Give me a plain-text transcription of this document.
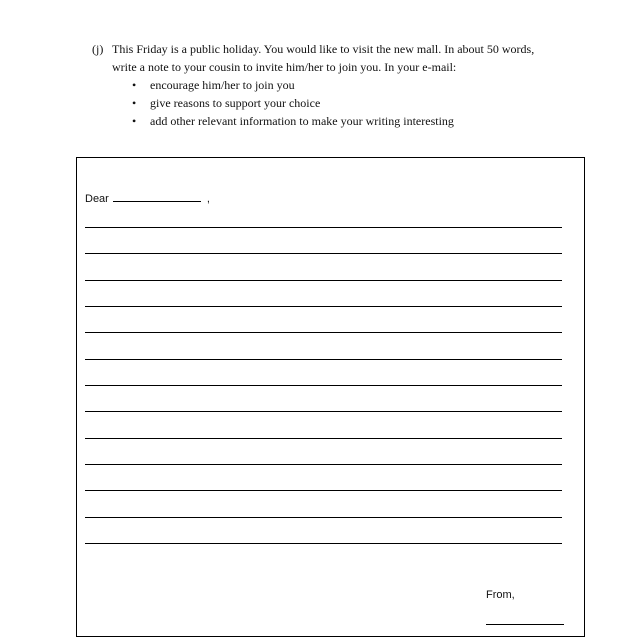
(j) This Friday is a public holiday. You would like to visit the new mall. In about 50 words,
write a note to your cousin to invite him/her to join you. In your e-mail:
• encourage him/her to join you
• give reasons to support your choice
• add other relevant information to make your writing interesting
Dear	,
From,
